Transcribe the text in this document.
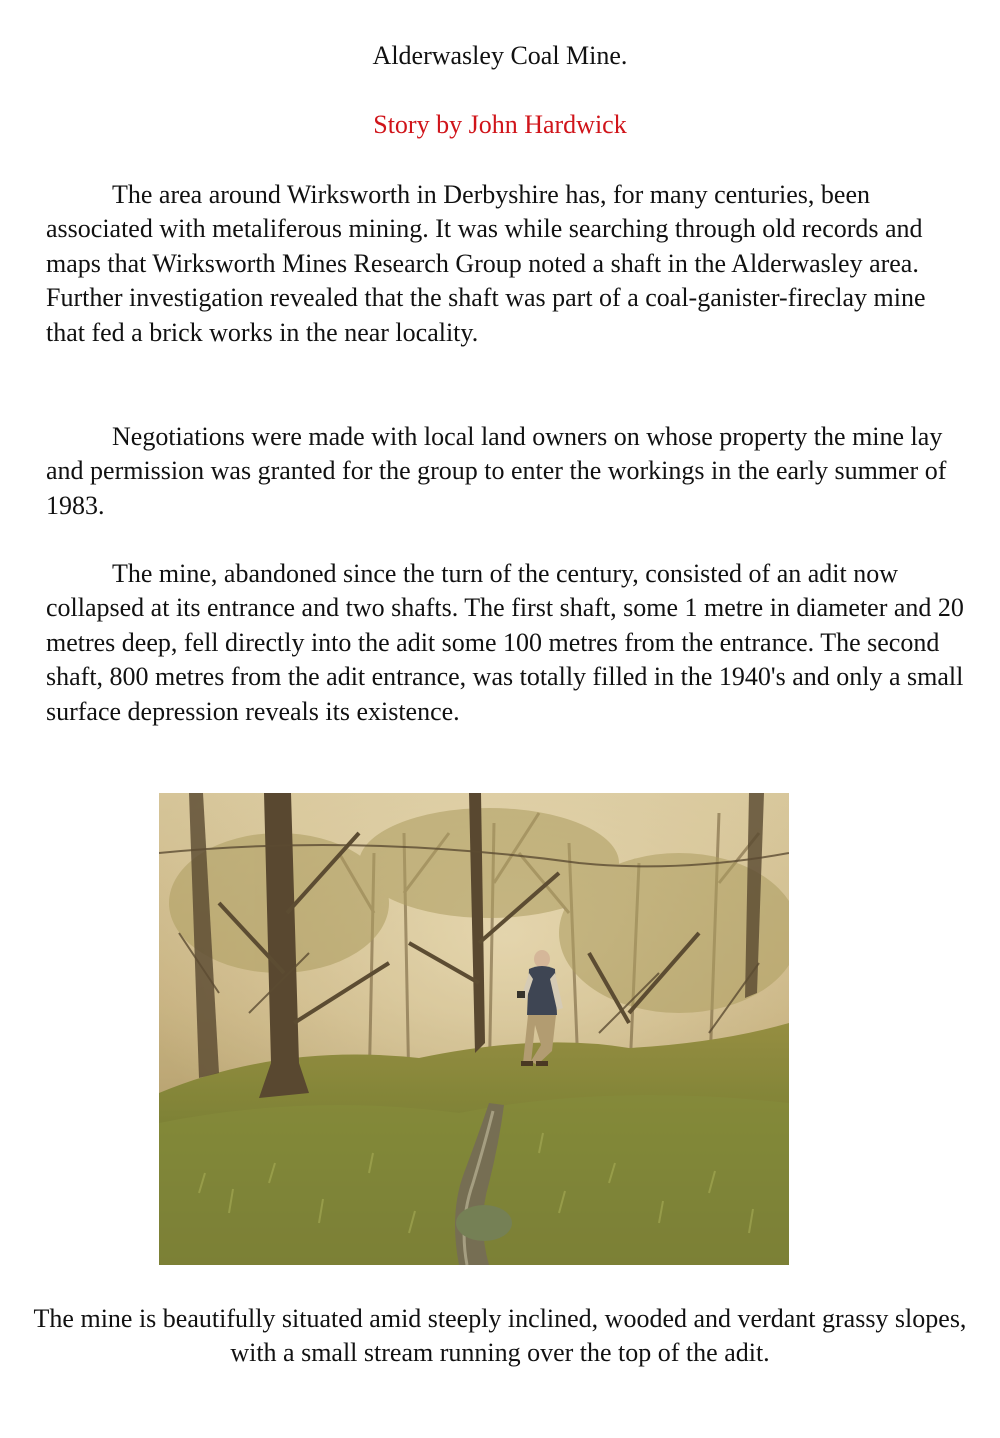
Alderwasley Coal Mine.
Story by John Hardwick

The area around Wirksworth in Derbyshire has, for many centuries, been associated with metaliferous mining. It was while searching through old records and maps that Wirksworth Mines Research Group noted a shaft in the Alderwasley area. Further investigation revealed that the shaft was part of a coal-ganister-fireclay mine that fed a brick works in the near locality.

Negotiations were made with local land owners on whose property the mine lay and permission was granted for the group to enter the workings in the early summer of 1983.

The mine, abandoned since the turn of the century, consisted of an adit now collapsed at its entrance and two shafts. The first shaft, some 1 metre in diameter and 20 metres deep, fell directly into the adit some 100 metres from the entrance. The second shaft, 800 metres from the adit entrance, was totally filled in the 1940's and only a small surface depression reveals its existence.

The mine is beautifully situated amid steeply inclined, wooded and verdant grassy slopes, with a small stream running over the top of the adit.
